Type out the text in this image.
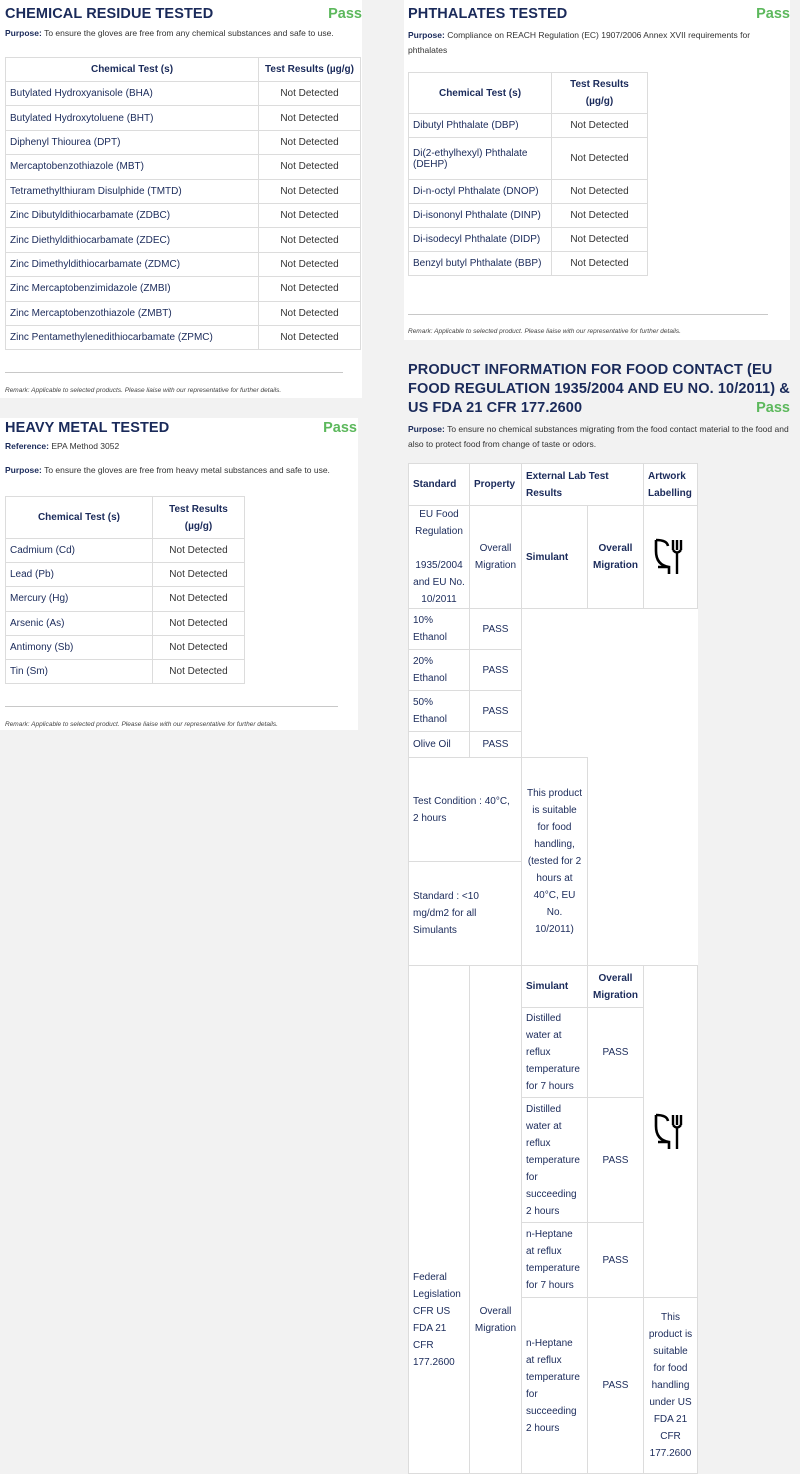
CHEMICAL RESIDUE TESTED	Pass
Purpose: To ensure the gloves are free from any chemical substances and safe to use.
Chemical Test (s)	Test Results (µg/g)
Butylated Hydroxyanisole (BHA)	Not Detected
Butylated Hydroxytoluene (BHT)	Not Detected
Diphenyl Thiourea (DPT)	Not Detected
Mercaptobenzothiazole (MBT)	Not Detected
Tetramethylthiuram Disulphide (TMTD)	Not Detected
Zinc Dibutyldithiocarbamate (ZDBC)	Not Detected
Zinc Diethyldithiocarbamate (ZDEC)	Not Detected
Zinc Dimethyldithiocarbamate (ZDMC)	Not Detected
Zinc Mercaptobenzimidazole (ZMBI)	Not Detected
Zinc Mercaptobenzothiazole (ZMBT)	Not Detected
Zinc Pentamethylenedithiocarbamate (ZPMC)	Not Detected
Remark: Applicable to selected products. Please liaise with our representative for further details.
HEAVY METAL TESTED	Pass
Reference: EPA Method 3052
Purpose: To ensure the gloves are free from heavy metal substances and safe to use.
Chemical Test (s)	Test Results (µg/g)
Cadmium (Cd)	Not Detected
Lead (Pb)	Not Detected
Mercury (Hg)	Not Detected
Arsenic (As)	Not Detected
Antimony (Sb)	Not Detected
Tin (Sm)	Not Detected
Remark: Applicable to selected product. Please liaise with our representative for further details.
PHTHALATES TESTED	Pass
Purpose: Compliance on REACH Regulation (EC) 1907/2006 Annex XVII requirements for phthalates
Chemical Test (s)	Test Results (µg/g)
Dibutyl Phthalate (DBP)	Not Detected
Di(2-ethylhexyl) Phthalate (DEHP)	Not Detected
Di-n-octyl Phthalate (DNOP)	Not Detected
Di-isononyl Phthalate (DINP)	Not Detected
Di-isodecyl Phthalate (DIDP)	Not Detected
Benzyl butyl Phthalate (BBP)	Not Detected
Remark: Applicable to selected product. Please liaise with our representative for further details.
PRODUCT INFORMATION FOR FOOD CONTACT (EU FOOD REGULATION 1935/2004 AND EU NO. 10/2011) & US FDA 21 CFR 177.2600	Pass
Purpose: To ensure no chemical substances migrating from the food contact material to the food and also to protect food from change of taste or odors.
Standard	Property	External Lab Test Results		Artwork Labelling
EU Food Regulation

1935/2004 and EU No. 10/2011	Overall Migration	Simulant	Overall Migration	

10% Ethanol	PASS			
20% Ethanol	PASS			
50% Ethanol	PASS			
Olive Oil	PASS			
Test Condition : 40°C, 2 hours		This product is suitable for food handling, (tested for 2 hours at 40°C, EU No. 10/2011)		
Standard : <10 mg/dm2 for all Simulants				
Federal Legislation CFR US FDA 21 CFR 177.2600	Overall Migration	Simulant	Overall Migration	

		Distilled water at reflux temperature for 7 hours	PASS	
		Distilled water at reflux temperature for succeeding 2 hours	PASS	
		n-Heptane at reflux temperature for 7 hours	PASS	
		n-Heptane at reflux temperature for succeeding 2 hours	PASS	This product is suitable for food handling under US FDA 21 CFR 177.2600
